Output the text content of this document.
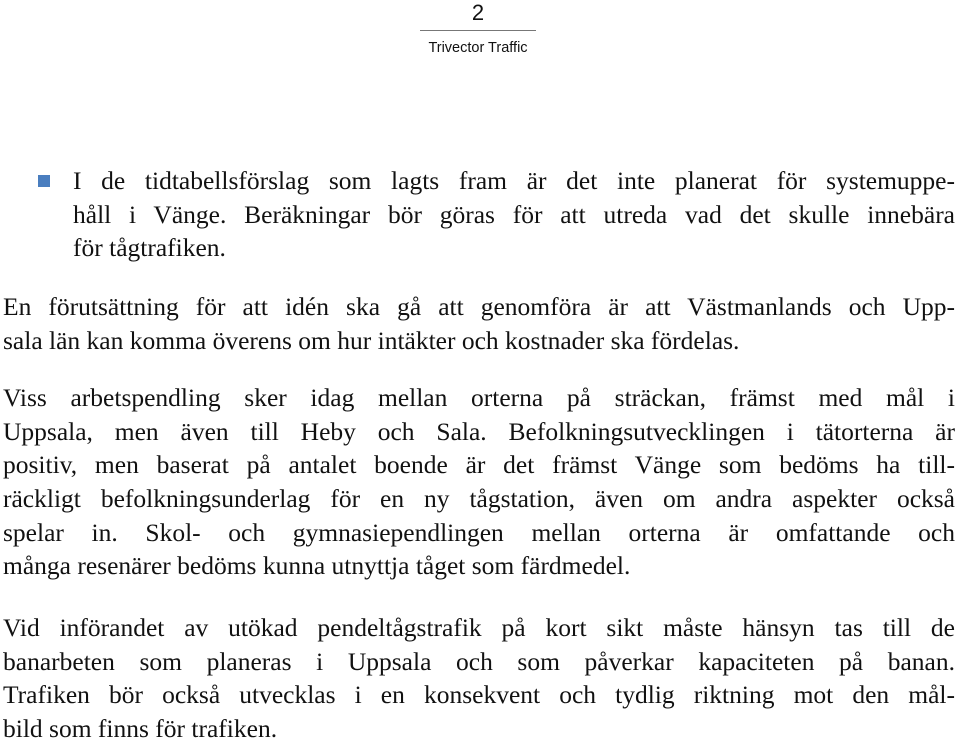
2
Trivector Traffic
I de tidtabellsförslag som lagts fram är det inte planerat för systemuppe-
håll i Vänge. Beräkningar bör göras för att utreda vad det skulle innebära
för tågtrafiken.
En förutsättning för att idén ska gå att genomföra är att Västmanlands och Upp-
sala län kan komma överens om hur intäkter och kostnader ska fördelas.
Viss arbetspendling sker idag mellan orterna på sträckan, främst med mål i
Uppsala, men även till Heby och Sala. Befolkningsutvecklingen i tätorterna är
positiv, men baserat på antalet boende är det främst Vänge som bedöms ha till-
räckligt befolkningsunderlag för en ny tågstation, även om andra aspekter också
spelar in. Skol- och gymnasiependlingen mellan orterna är omfattande och
många resenärer bedöms kunna utnyttja tåget som färdmedel.
Vid införandet av utökad pendeltågstrafik på kort sikt måste hänsyn tas till de
banarbeten som planeras i Uppsala och som påverkar kapaciteten på banan.
Trafiken bör också utvecklas i en konsekvent och tydlig riktning mot den mål-
bild som finns för trafiken.
